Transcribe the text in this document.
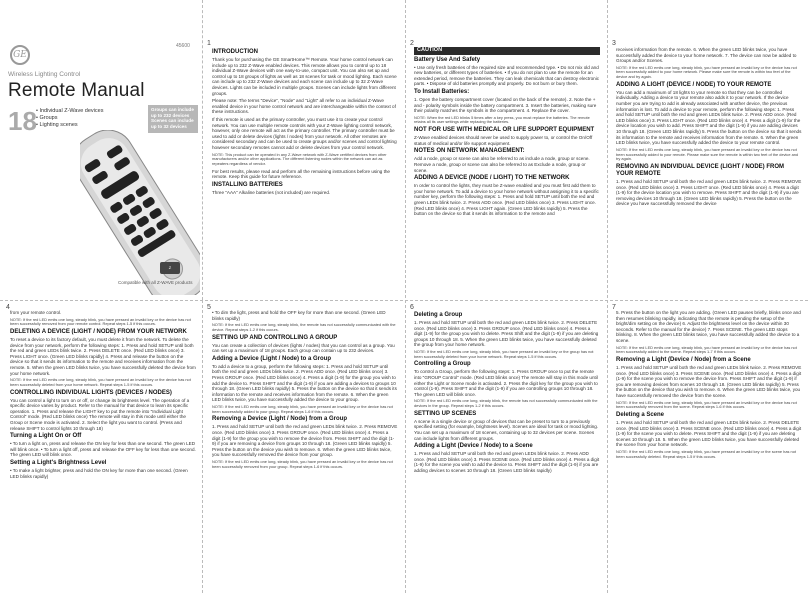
GE
45600
Wireless Lighting Control
Remote Manual
18 • Individual Z-Wave devices
• Groups
• Lighting scenes
Groups can include up to 232 devices
Scenes can include up to 32 devices
Z
Compatible with all Z-WAVE products
1
INTRODUCTION

Thank you for purchasing the GE SmartHome™ Remote. Your home control network can include up to 232 Z-Wave enabled devices. This remote allows you to control up to 18 individual Z-Wave devices with one easy-to-use, compact unit. You can also set up and control up to 18 groups of lights as well as 18 scenes for task or mood lighting. Each scene can include up to 232 Z-Wave devices and each scene can include up to 32 Z-Wave devices. Lights can be included in multiple groups. Scenes can include lights from different groups.

Please note: The terms "Device", "Node" and "Light" all refer to an individual Z-Wave enabled device in your home control network and are interchangeable within the context of these instructions.

If this remote is used as the primary controller, you must use it to create your control network. You can use multiple remote controls with your Z-Wave lighting control network, however, only one remote will act as the primary controller. The primary controller must be used to add or delete devices (lights / nodes) from your network. All other remotes are considered secondary and can be used to create groups and/or scenes and control lighting however secondary remotes cannot add or delete devices from your control network.

NOTE: This product can be operated in any Z-Wave network with Z-Wave certified devices from other manufacturers and/or other applications. The different listening nodes within the network can act as repeaters regardless of vendor.

For best results, please read and perform all the remaining instructions before using the remote. Keep this guide for future reference.

INSTALLING BATTERIES

Three "AAA" Alkaline batteries (not included) are required.

2
CAUTION
Battery Use And Safety

• Use only fresh batteries of the required size and recommended type. • Do not mix old and new batteries, or different types of batteries. • If you do not plan to use the remote for an extended period, remove the batteries. They can leak chemicals that can destroy electronic parts. • Dispose of old batteries promptly and properly. Do not burn or bury them.

To Install Batteries:

1. Open the battery compartment cover (located on the back of the remote). 2. Note the + and - polarity symbols inside the battery compartment. 3. Insert the batteries, making sure their polarity matches the symbols in the compartment. 4. Replace the cover.

NOTE: When the red LED blinks 5 times after a key press, you must replace the batteries. The remote retains all its user settings while replacing the batteries.

NOT FOR USE WITH MEDICAL OR LIFE SUPPORT EQUIPMENT

Z-Wave enabled devices should never be used to supply power to, or control the On/Off status of medical and/or life support equipment.

NOTES ON NETWORK MANAGEMENT:

Add a node, group or scene can also be referred to as include a node, group or scene. Remove a node, group or scene can also be referred to as Exclude a node, group or scene.

ADDING A DEVICE (NODE / LIGHT) TO THE NETWORK

In order to control the lights, they must be Z-wave enabled and you must first add them to your home network. To add a device to your home network without assigning it to a specific number key, perform the following steps: 1. Press and hold SETUP until both the red and green LEDs blink twice. 2. Press ADD once. (Red LED blinks once) 3. Press LIGHT once. (Red LED blinks once) 4. Press LIGHT again. (Green LED blinks rapidly) 5. Press the button on the device so that it sends its information to the remote and

3

receives information from the remote. 6. When the green LED blinks twice, you have successfully added the device to your home network. 7. The device can now be added to Groups and/or Scenes.

NOTE: If the red LED emits one long, steady blink, you have pressed an invalid key or the device has not been successfully added to your home network. Please make sure the remote is within two feet of the device and try again.

ADDING A LIGHT (DEVICE / NODE) TO YOUR REMOTE

You can add a maximum of 18 lights to your remote so that they can be controlled individually. Adding a device to your remote also adds it to your network. If the device number you are trying to add is already associated with another device, the previous information is lost. To add a device to your remote, perform the following steps: 1. Press and hold SETUP until both the red and green LEDs blink twice. 2. Press ADD once. (Red LED blinks once) 3. Press LIGHT once. (Red LED blinks once) 4. Press a digit (1-9) for the device location you wish to add. Press SHIFT and the digit (1-9) if you are adding devices 10 through 18. (Green LED blinks rapidly) 5. Press the button on the device so that it sends its information to the remote and receives information from the remote. 6. When the green LED blinks twice, you have successfully added the device to your remote control.

NOTE: If the red LED emits one long, steady blink, you have pressed an invalid key or the device has not been successfully added to your remote. Please make sure the remote is within two feet of the device and try again.

REMOVING AN INDIVIDUAL DEVICE (LIGHT / NODE) FROM YOUR REMOTE

1. Press and hold SETUP until both the red and green LEDs blink twice. 2. Press REMOVE once. (Red LED blinks once) 3. Press LIGHT once. (Red LED blinks once) 4. Press a digit (1-9) for the device location you wish to remove. Press SHIFT and the digit (1-9) if you are removing devices 10 through 18. (Green LED blinks rapidly) 5. Press the button on the device you have successfully removed the device

4

from your remote control.

NOTE: If the red LED emits one long, steady blink, you have pressed an invalid key or the device has not been successfully removed from your remote control. Repeat steps 1-5 if this occurs.

DELETING A DEVICE (LIGHT / NODE) FROM YOUR NETWORK

To reset a device to its factory default, you must delete it from the network. To delete the device from your network, perform the following steps: 1. Press and hold SETUP until both the red and green LEDs blink twice. 2. Press DELETE once. (Red LED blinks once) 3. Press LIGHT once. (Green LED blinks rapidly) 4. Press and release the button on the device so that it sends its information to the remote and receives information from the remote. 5. When the green LED blinks twice, you have successfully deleted the device from your home network.

NOTE: If the red LED emits one long, steady blink, you have pressed an invalid key or the device has not been successfully deleted from your home network. Repeat steps 1-5 if this occurs.

CONTROLLING INDIVIDUAL LIGHTS (DEVICES / NODES)

You can control a light to turn on or off, or change its brightness level. The operation of a specific device varies by product. Refer to the manual for that device to learn its specific operation. 1. Press and release the LIGHT key to put the remote into "Individual Light Control" mode. (Red LED blinks once) The remote will stay in this mode until either the Group or Scene mode is activated. 2. Select the light you want to control. (Press and release SHIFT to control lights 10 through 18)

Turning a Light On or Off

• To turn a light on, press and release the ON key for less than one second. The green LED will blink once. • To turn a light off, press and release the OFF key for less than one second. The green LED will blink once.

Setting a Light's Brightness Level

• To make a light brighter, press and hold the ON key for more than one second. (Green LED blinks rapidly)

5

• To dim the light, press and hold the OFF key for more than one second. (Green LED blinks rapidly)

NOTE: If the red LED emits one long, steady blink, the remote has not successfully communicated with the device. Repeat steps 1-2 if this occurs.

SETTING UP AND CONTROLLING A GROUP

You can create a collection of devices (lights / nodes) that you can control as a group. You can set up a maximum of 18 groups. Each group can contain up to 232 devices.

Adding a Device (Light / Node) to a Group

To add a device to a group, perform the following steps: 1. Press and hold SETUP until both the red and green LEDs blink twice. 2. Press ADD once. (Red LED blinks once) 3. Press GROUP once. (Red LED blinks once) 4. Press a digit (1-9) for the group you wish to add the device to. Press SHIFT and the digit (1-9) if you are adding a devices to groups 10 through 18. (Green LED blinks rapidly) 5. Press the button on the device so that it sends its information to the remote and receives information from the remote. 6. When the green LED blinks twice, you have successfully added the device to your group.

NOTE: If the red LED emits one long, steady blink, you have pressed an invalid key or the device has not been successfully added to your group. Repeat steps 1-6 if this occurs.

Removing a Device (Light / Node) from a Group

1. Press and hold SETUP until both the red and green LEDs blink twice. 2. Press REMOVE once. (Red LED blinks once) 3. Press GROUP once. (Red LED blinks once) 4. Press a digit (1-9) for the group you wish to remove the device from. Press SHIFT and the digit (1-9) if you are removing a device from groups 10 through 18. (Green LED blinks rapidly) 5. Press the button on the device you wish to remove. 6. When the green LED blinks twice, you have successfully removed the device from your group.

NOTE: If the red LED emits one long, steady blink, you have pressed an invalid key or the device has not been successfully removed from your group. Repeat steps 1-6 if this occurs.

6
Deleting a Group

1. Press and hold SETUP until both the red and green LEDs blink twice. 2. Press DELETE once. (Red LED blinks once) 3. Press GROUP once. (Red LED blinks once) 4. Press a digit (1-9) for the group you wish to delete. Press Shift and the digit (1-9) if you are deleting groups 10 through 18. 5. When the green LED blinks twice, you have successfully deleted the group from your home network.

NOTE: If the red LED emits one long, steady blink, you have pressed an invalid key or the group has not been successfully deleted from your home network. Repeat steps 1-5 if this occurs.

Controlling a Group

To control a Group, perform the following steps: 1. Press GROUP once to put the remote into "GROUP Control" mode. (Red LED blinks once) The remote will stay in this mode until either the Light or Scene mode is activated. 2. Press the digit key for the group you wish to control (1-9). Press SHIFT and the digit (1-9) if you are controlling groups 10 through 18. The green LED will blink once.

NOTE: If the red LED emits one long, steady blink, the remote has not successfully communicated with the devices in the group. Repeat steps 1-2 if this occurs.

SETTING UP SCENES

A scene is a single device or group of devices that can be preset to turn to a previously specified setting (for example, brightness level). Scenes are ideal for task or mood lighting. You can set up a maximum of 18 scenes, containing up to 32 devices per scene. Scenes can include lights from different groups.

Adding a Light (Device / Node) to a Scene

1. Press and hold SETUP until both the red and green LEDs blink twice. 2. Press ADD once. (Red LED blinks once) 3. Press SCENE once. (Red LED blinks once) 4. Press a digit (1-9) for the scene you wish to add the device to. Press SHIFT and the digit (1-9) if you are adding devices to scenes 10 through 18. (Green LED blinks rapidly)

7

5. Press the button on the light you are adding. (Green LED pauses briefly, blinks once and then resumes blinking rapidly, indicating that the remote is pending the setup of the bright/dim setting on the device) 6. Adjust the brightness level on the device within 30 seconds. Refer to the manual for the device) 7. Press SCENE. The green LED stops blinking. 8. When the green LED blinks twice, you have successfully added the device to a scene.

NOTE: If the red LED emits one long, steady blink, you have pressed an invalid key or the device has not been successfully added to the scene. Repeat steps 1-7 if this occurs.

Removing a Light (Device / Node) from a Scene

1. Press and hold SETUP until both the red and green LEDs blink twice. 2. Press REMOVE once. (Red LED blinks once) 3. Press SCENE once. (Red LED blinks once) 4. Press a digit (1-9) for the scene you wish to remove the device from. Press SHIFT and the digit (1-9) if you are removing devices from scenes 10 through 18. (Green LED blinks rapidly) 5. Press the button on the device that you wish to remove. 6. When the green LED blinks twice, you have successfully removed the device from the scene.

NOTE: If the red LED emits one long, steady blink, you have pressed an invalid key or the device has not been successfully removed from the scene. Repeat steps 1-6 if this occurs.

Deleting a Scene

1. Press and hold SETUP until both the red and green LEDs blink twice. 2. Press DELETE once. (Red LED blinks once) 3. Press SCENE once. (Red LED blinks once) 4. Press a digit (1-9) for the scene you wish to delete. Press SHIFT and the digit (1-9) if you are deleting scenes 10 through 18. 5. When the green LED blinks twice, you have successfully deleted the scene from your home network.

NOTE: If the red LED emits one long, steady blink, you have pressed an invalid key or the scene has not been successfully deleted. Repeat steps 1-5 if this occurs.
